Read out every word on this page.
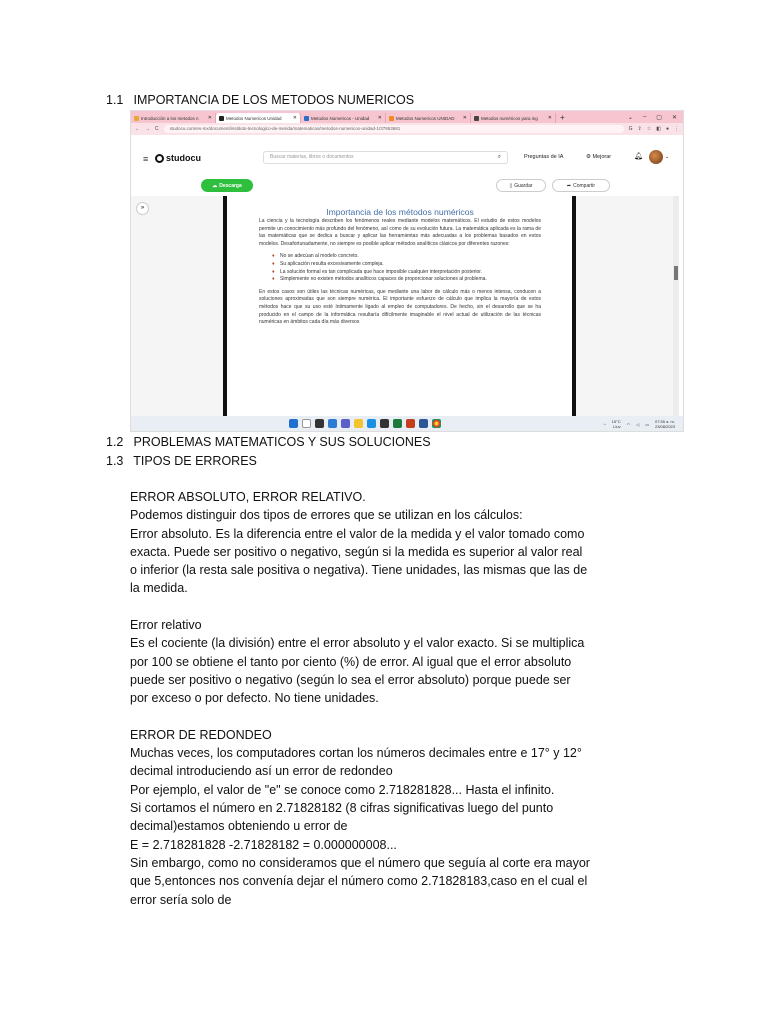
1.1 IMPORTANCIA DE LOS METODOS NUMERICOS
Introducción a los metodos n ✕	Metodos Numericos Unidad ✕	Metodos Numericos - Unidad ✕	Metodos Numericos UNIDAD ✕	Metodos numéricos para ing ✕	+	⌄ – ▢ ✕
← → C	studocu.com/es-mx/document/instituto-tecnologico-de-merida/matematicas/metodos-numericos-unidad-1/37863681	G ⇪ ☆ ◧ ● ⋮
≡ studocu	Buscar materias, libros o documentos	⌕	Preguntas de IA	⚙ Mejorar	🔔︎	⌄
☁ Descarga	▯ Guardar	➦ Compartir
»	Importancia de los métodos numéricos

La ciencia y la tecnología describen los fenómenos reales mediante modelos matemáticos. El estudio de estos modelos permite un conocimiento más profundo del fenómeno, así como de su evolución futura. La matemática aplicada es la rama de las matemáticas que se dedica a buscar y aplicar las herramientas más adecuadas a los problemas basados en estos modelos. Desafortunadamente, no siempre es posible aplicar métodos analíticos clásicos por diferentes razones:

♦ No se adecúan al modelo concreto.
♦ Su aplicación resulta excesivamente compleja.
♦ La solución formal es tan complicada que hace imposible cualquier interpretación posterior.
♦ Simplemente no existen métodos analíticos capaces de proporcionar soluciones al problema.

En estos casos son útiles las técnicas numéricas, que mediante una labor de cálculo más o menos intensa, conducen a soluciones aproximadas que son siempre numérica. El importante esfuerzo de cálculo que implica la mayoría de estos métodos hace que su uso esté íntimamente ligado al empleo de computadores. De hecho, sin el desarrollo que se ha producido en el campo de la informática resultaría difícilmente imaginable el nivel actual de utilización de las técnicas numéricas en ámbitos cada día más diversos

^ 15°C
Lluv ◠ ◁ ▭ 07:55 a. m.
23/08/2023
1.2 PROBLEMAS MATEMATICOS Y SUS SOLUCIONES
1.3 TIPOS DE ERRORES
ERROR ABSOLUTO, ERROR RELATIVO.
Podemos distinguir dos tipos de errores que se utilizan en los cálculos:
Error absoluto. Es la diferencia entre el valor de la medida y el valor tomado como
exacta. Puede ser positivo o negativo, según si la medida es superior al valor real
o inferior (la resta sale positiva o negativa). Tiene unidades, las mismas que las de
la medida.
Error relativo
Es el cociente (la división) entre el error absoluto y el valor exacto. Si se multiplica
por 100 se obtiene el tanto por ciento (%) de error. Al igual que el error absoluto
puede ser positivo o negativo (según lo sea el error absoluto) porque puede ser
por exceso o por defecto. No tiene unidades.
ERROR DE REDONDEO
Muchas veces, los computadores cortan los números decimales entre e 17° y 12°
decimal introduciendo así un error de redondeo
Por ejemplo, el valor de "e" se conoce como 2.718281828... Hasta el infinito.
Si cortamos el número en 2.71828182 (8 cifras significativas luego del punto
decimal)estamos obteniendo u error de
E = 2.718281828 -2.71828182 = 0.000000008...
Sin embargo, como no consideramos que el número que seguía al corte era mayor
que 5,entonces nos convenía dejar el número como 2.71828183,caso en el cual el
error sería solo de
